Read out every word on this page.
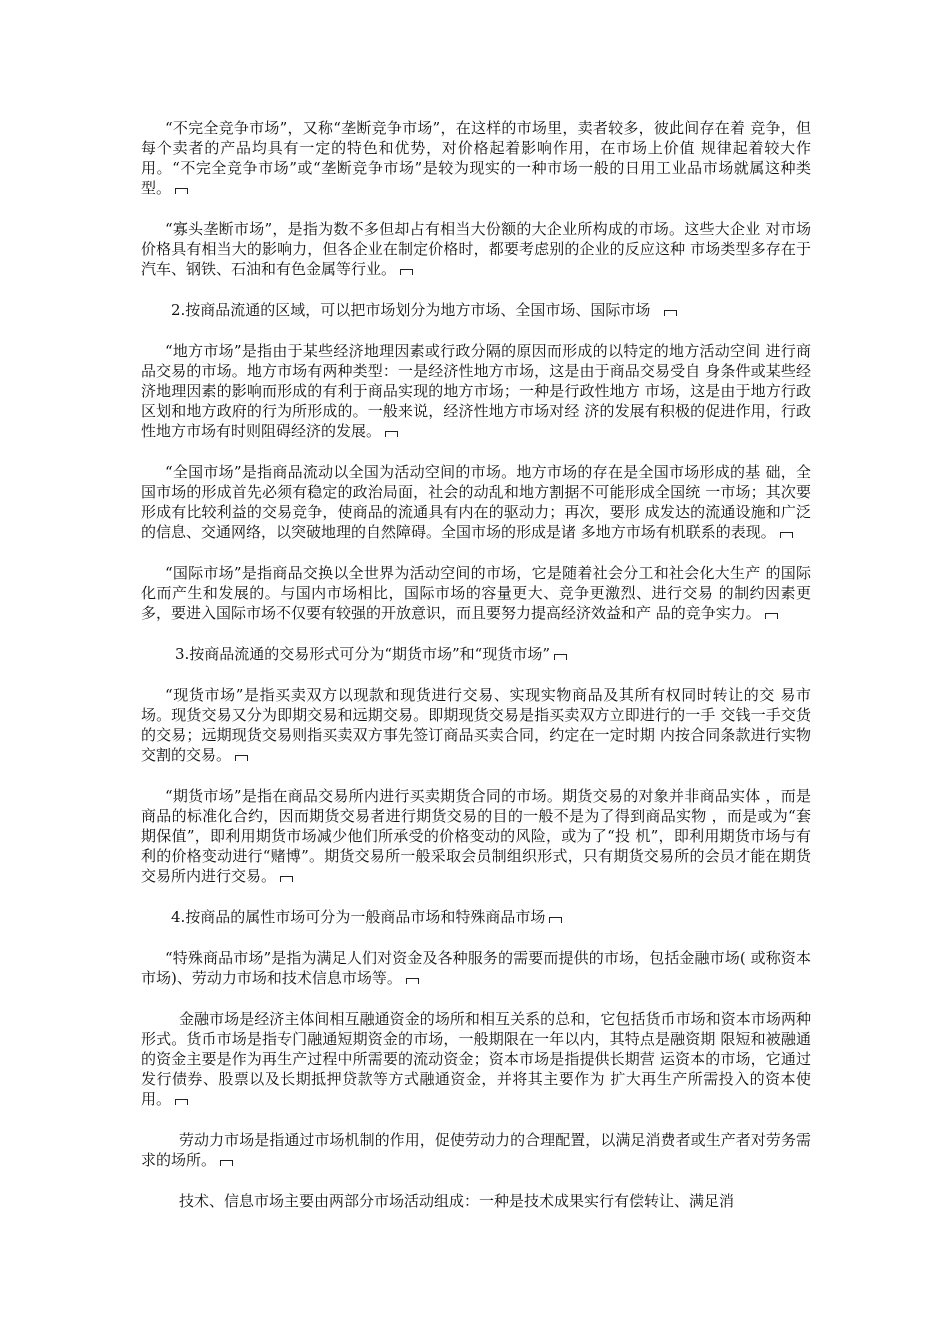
“不完全竞争市场”，又称“垄断竞争市场”，在这样的市场里，卖者较多，彼此间存在着 竞争，但每个卖者的产品均具有一定的特色和优势，对价格起着影响作用，在市场上价值 规律起着较大作用。“不完全竞争市场”或“垄断竞争市场”是较为现实的一种市场一般的日用工业品市场就属这种类型。

“寡头垄断市场”，是指为数不多但却占有相当大份额的大企业所构成的市场。这些大企业 对市场价格具有相当大的影响力，但各企业在制定价格时，都要考虑别的企业的反应这种 市场类型多存在于汽车、钢铁、石油和有色金属等行业。

2.按商品流通的区域，可以把市场划分为地方市场、全国市场、国际市场

“地方市场”是指由于某些经济地理因素或行政分隔的原因而形成的以特定的地方活动空间 进行商品交易的市场。地方市场有两种类型：一是经济性地方市场，这是由于商品交易受自 身条件或某些经济地理因素的影响而形成的有利于商品实现的地方市场；一种是行政性地方 市场，这是由于地方行政区划和地方政府的行为所形成的。一般来说，经济性地方市场对经 济的发展有积极的促进作用，行政性地方市场有时则阻碍经济的发展。

“全国市场”是指商品流动以全国为活动空间的市场。地方市场的存在是全国市场形成的基 础，全国市场的形成首先必须有稳定的政治局面，社会的动乱和地方割据不可能形成全国统 一市场；其次要形成有比较利益的交易竞争，使商品的流通具有内在的驱动力；再次，要形 成发达的流通设施和广泛的信息、交通网络，以突破地理的自然障碍。全国市场的形成是诸 多地方市场有机联系的表现。

“国际市场”是指商品交换以全世界为活动空间的市场，它是随着社会分工和社会化大生产 的国际化而产生和发展的。与国内市场相比，国际市场的容量更大、竞争更激烈、进行交易 的制约因素更多，要进入国际市场不仅要有较强的开放意识，而且要努力提高经济效益和产 品的竞争实力。

3.按商品流通的交易形式可分为“期货市场”和“现货市场”

“现货市场”是指买卖双方以现款和现货进行交易、实现实物商品及其所有权同时转让的交 易市场。现货交易又分为即期交易和远期交易。即期现货交易是指买卖双方立即进行的一手 交钱一手交货的交易；远期现货交易则指买卖双方事先签订商品买卖合同，约定在一定时期 内按合同条款进行实物交割的交易。

“期货市场”是指在商品交易所内进行买卖期货合同的市场。期货交易的对象并非商品实体 ，而是商品的标准化合约，因而期货交易者进行期货交易的目的一般不是为了得到商品实物 ，而是或为“套期保值”，即利用期货市场减少他们所承受的价格变动的风险，或为了“投 机”，即利用期货市场与有利的价格变动进行“赌博”。期货交易所一般采取会员制组织形式，只有期货交易所的会员才能在期货交易所内进行交易。

4.按商品的属性市场可分为一般商品市场和特殊商品市场

“特殊商品市场”是指为满足人们对资金及各种服务的需要而提供的市场，包括金融市场( 或称资本市场)、劳动力市场和技术信息市场等。

金融市场是经济主体间相互融通资金的场所和相互关系的总和，它包括货币市场和资本市场两种形式。货币市场是指专门融通短期资金的市场，一般期限在一年以内，其特点是融资期 限短和被融通的资金主要是作为再生产过程中所需要的流动资金；资本市场是指提供长期营 运资本的市场，它通过发行债券、股票以及长期抵押贷款等方式融通资金，并将其主要作为 扩大再生产所需投入的资本使用。

劳动力市场是指通过市场机制的作用，促使劳动力的合理配置，以满足消费者或生产者对劳务需求的场所。

技术、信息市场主要由两部分市场活动组成：一种是技术成果实行有偿转让、满足消
